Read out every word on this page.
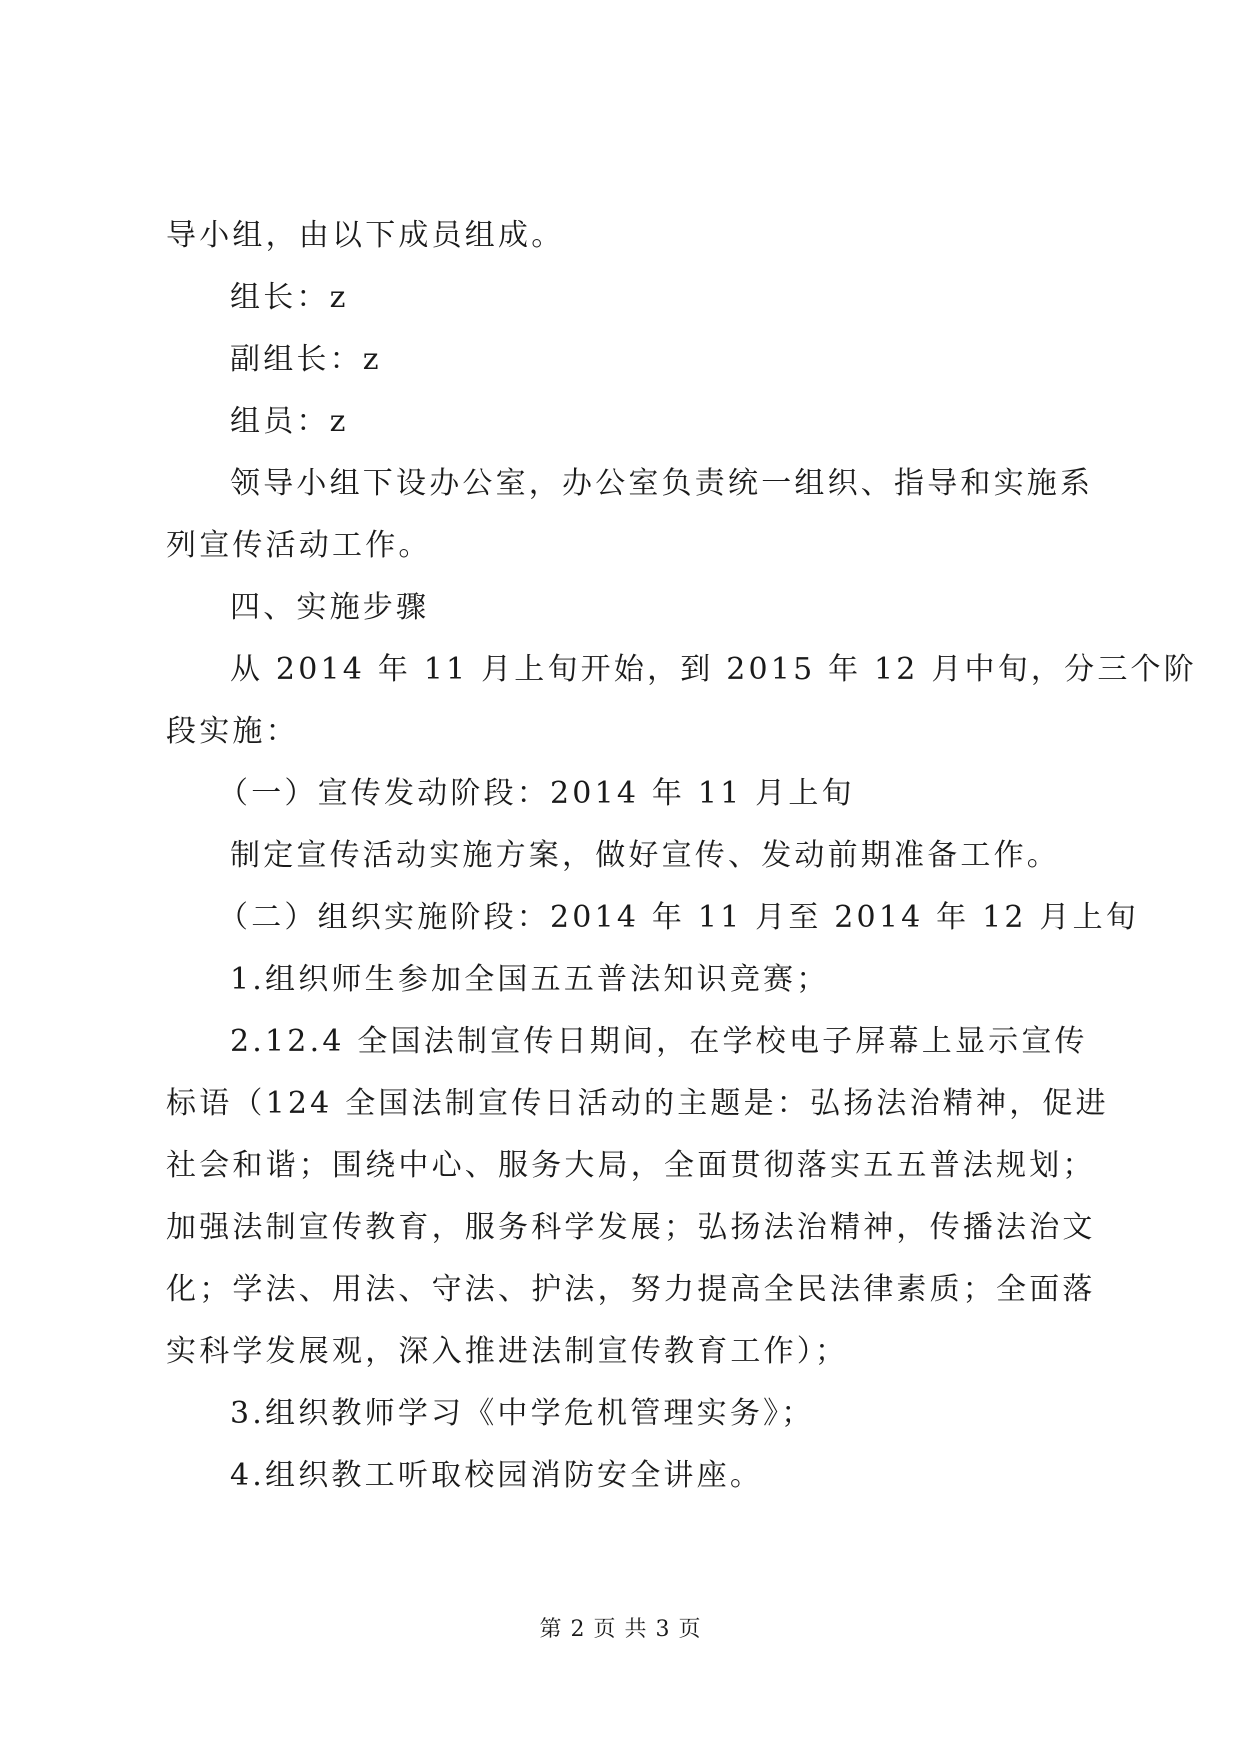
导小组，由以下成员组成。
组长：z
副组长：z
组员：z
领导小组下设办公室，办公室负责统一组织、指导和实施系
列宣传活动工作。
四、实施步骤
从 2014 年 11 月上旬开始，到 2015 年 12 月中旬，分三个阶
段实施：
（一）宣传发动阶段：2014 年 11 月上旬
制定宣传活动实施方案，做好宣传、发动前期准备工作。
（二）组织实施阶段：2014 年 11 月至 2014 年 12 月上旬
1.组织师生参加全国五五普法知识竞赛；
2.12.4 全国法制宣传日期间，在学校电子屏幕上显示宣传
标语（124 全国法制宣传日活动的主题是：弘扬法治精神，促进
社会和谐；围绕中心、服务大局，全面贯彻落实五五普法规划；
加强法制宣传教育，服务科学发展；弘扬法治精神，传播法治文
化；学法、用法、守法、护法，努力提高全民法律素质；全面落
实科学发展观，深入推进法制宣传教育工作）；
3.组织教师学习《中学危机管理实务》；
4.组织教工听取校园消防安全讲座。
第 2 页 共 3 页
